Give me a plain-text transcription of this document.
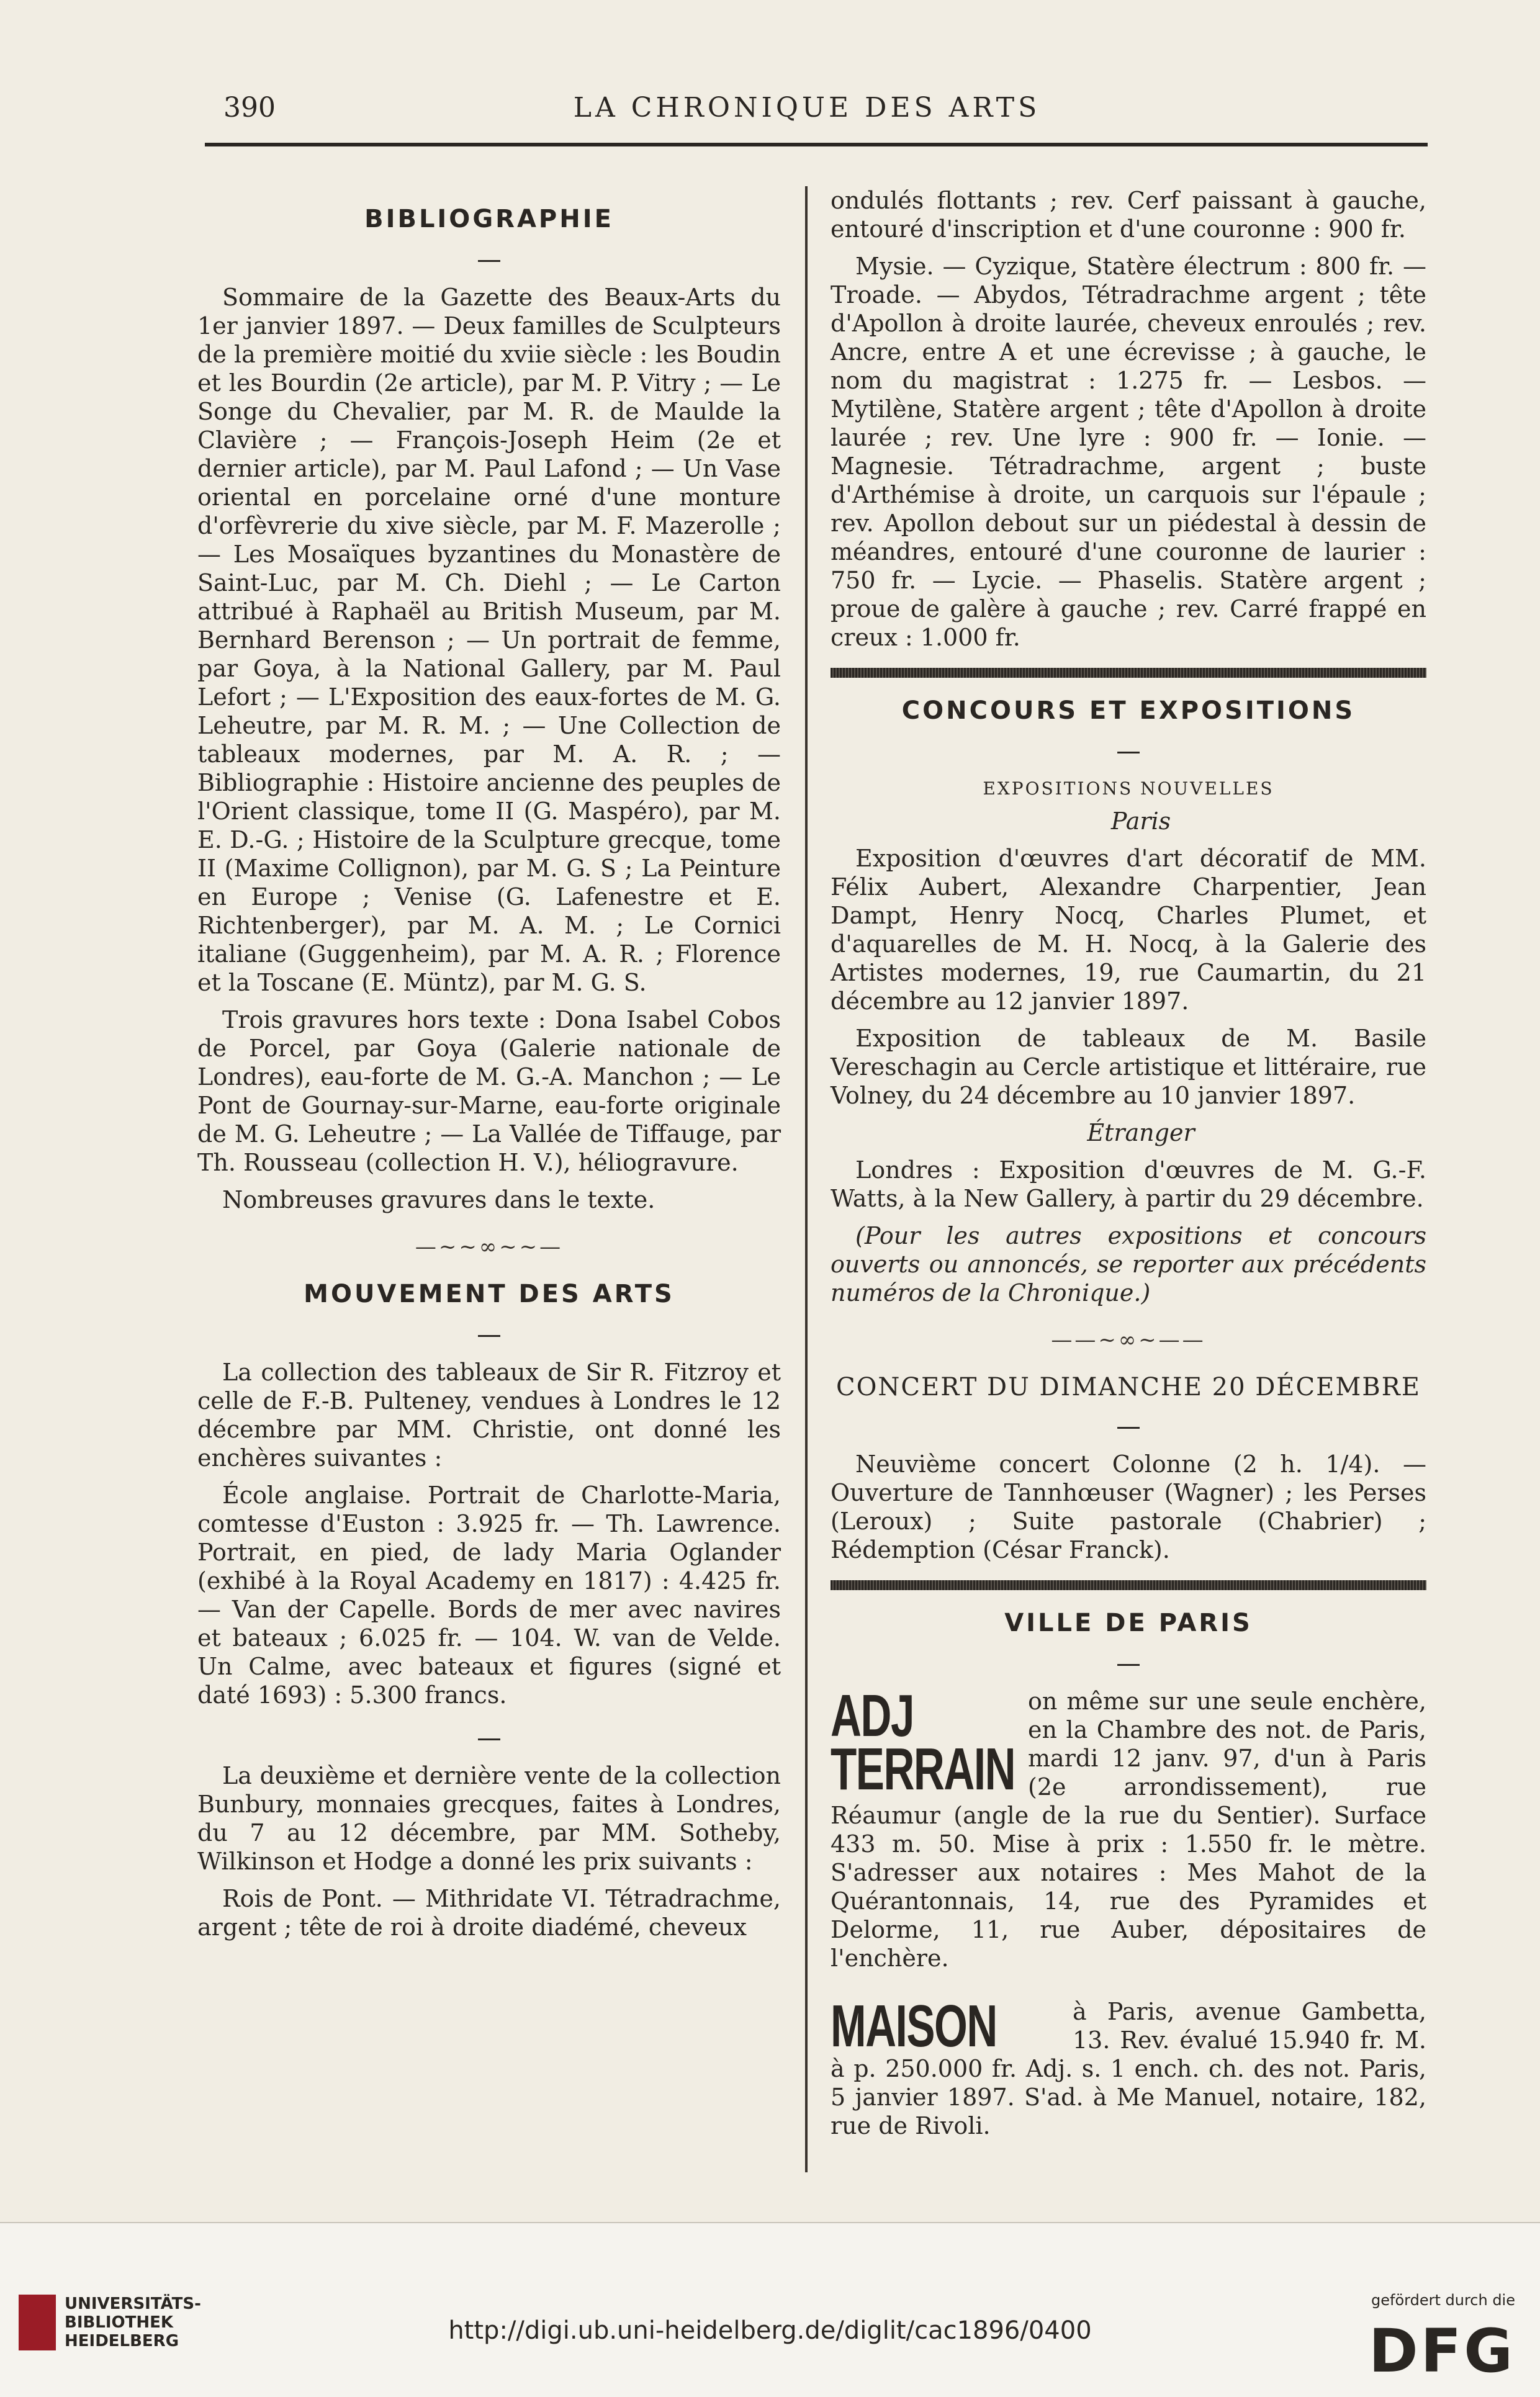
390	LA CHRONIQUE DES ARTS
BIBLIOGRAPHIE

Sommaire de la Gazette des Beaux-Arts du 1er janvier 1897. — Deux familles de Sculpteurs de la première moitié du xviie siècle : les Boudin et les Bourdin (2e article), par M. P. Vitry ; — Le Songe du Chevalier, par M. R. de Maulde la Clavière ; — François-Joseph Heim (2e et dernier article), par M. Paul Lafond ; — Un Vase oriental en porcelaine orné d'une monture d'orfèvrerie du xive siècle, par M. F. Mazerolle ; — Les Mosaïques byzantines du Monastère de Saint-Luc, par M. Ch. Diehl ; — Le Carton attribué à Raphaël au British Museum, par M. Bernhard Berenson ; — Un portrait de femme, par Goya, à la National Gallery, par M. Paul Lefort ; — L'Exposition des eaux-fortes de M. G. Leheutre, par M. R. M. ; — Une Collection de tableaux modernes, par M. A. R. ; — Bibliographie : Histoire ancienne des peuples de l'Orient classique, tome II (G. Maspéro), par M. E. D.-G. ; Histoire de la Sculpture grecque, tome II (Maxime Collignon), par M. G. S ; La Peinture en Europe ; Venise (G. Lafenestre et E. Richtenberger), par M. A. M. ; Le Cornici italiane (Guggenheim), par M. A. R. ; Florence et la Toscane (E. Müntz), par M. G. S.

Trois gravures hors texte : Dona Isabel Cobos de Porcel, par Goya (Galerie nationale de Londres), eau-forte de M. G.-A. Manchon ; — Le Pont de Gournay-sur-Marne, eau-forte originale de M. G. Leheutre ; — La Vallée de Tiffauge, par Th. Rousseau (collection H. V.), héliogravure.

Nombreuses gravures dans le texte.

—~~∞~~—
MOUVEMENT DES ARTS

La collection des tableaux de Sir R. Fitzroy et celle de F.-B. Pulteney, vendues à Londres le 12 décembre par MM. Christie, ont donné les enchères suivantes :

École anglaise. Portrait de Charlotte-Maria, comtesse d'Euston : 3.925 fr. — Th. Lawrence. Portrait, en pied, de lady Maria Oglander (exhibé à la Royal Academy en 1817) : 4.425 fr. — Van der Capelle. Bords de mer avec navires et bateaux ; 6.025 fr. — 104. W. van de Velde. Un Calme, avec bateaux et figures (signé et daté 1693) : 5.300 francs.

La deuxième et dernière vente de la collection Bunbury, monnaies grecques, faites à Londres, du 7 au 12 décembre, par MM. Sotheby, Wilkinson et Hodge a donné les prix suivants :

Rois de Pont. — Mithridate VI. Tétradrachme, argent ; tête de roi à droite diadémé, cheveux

ondulés flottants ; rev. Cerf paissant à gauche, entouré d'inscription et d'une couronne : 900 fr.

Mysie. — Cyzique, Statère électrum : 800 fr. — Troade. — Abydos, Tétradrachme argent ; tête d'Apollon à droite laurée, cheveux enroulés ; rev. Ancre, entre A et une écrevisse ; à gauche, le nom du magistrat : 1.275 fr. — Lesbos. — Mytilène, Statère argent ; tête d'Apollon à droite laurée ; rev. Une lyre : 900 fr. — Ionie. — Magnesie. Tétradrachme, argent ; buste d'Arthémise à droite, un carquois sur l'épaule ; rev. Apollon debout sur un piédestal à dessin de méandres, entouré d'une couronne de laurier : 750 fr. — Lycie. — Phaselis. Statère argent ; proue de galère à gauche ; rev. Carré frappé en creux : 1.000 fr.

CONCOURS ET EXPOSITIONS
EXPOSITIONS NOUVELLES

Paris

Exposition d'œuvres d'art décoratif de MM. Félix Aubert, Alexandre Charpentier, Jean Dampt, Henry Nocq, Charles Plumet, et d'aquarelles de M. H. Nocq, à la Galerie des Artistes modernes, 19, rue Caumartin, du 21 décembre au 12 janvier 1897.

Exposition de tableaux de M. Basile Vereschagin au Cercle artistique et littéraire, rue Volney, du 24 décembre au 10 janvier 1897.

Étranger

Londres : Exposition d'œuvres de M. G.-F. Watts, à la New Gallery, à partir du 29 décembre.

(Pour les autres expositions et concours ouverts ou annoncés, se reporter aux précédents numéros de la Chronique.)

——~∞~——
CONCERT DU DIMANCHE 20 DÉCEMBRE

Neuvième concert Colonne (2 h. 1/4). — Ouverture de Tannhœuser (Wagner) ; les Perses (Leroux) ; Suite pastorale (Chabrier) ; Rédemption (César Franck).

VILLE DE PARIS
ADJ TERRAIN
on même sur une seule enchère, en la Chambre des not. de Paris, mardi 12 janv. 97, d'un à Paris (2e arrondissement), rue Réaumur (angle de la rue du Sentier). Surface 433 m. 50. Mise à prix : 1.550 fr. le mètre. S'adresser aux notaires : Mes Mahot de la Quérantonnais, 14, rue des Pyramides et Delorme, 11, rue Auber, dépositaires de l'enchère.
MAISON	à Paris, avenue Gambetta, 13. Rev. évalué 15.940 fr. M. à p. 250.000 fr. Adj. s. 1 ench. ch. des not. Paris, 5 janvier 1897. S'ad. à Me Manuel, notaire, 182, rue de Rivoli.
UNIVERSITÄTS-
BIBLIOTHEK
HEIDELBERG	http://digi.ub.uni-heidelberg.de/diglit/cac1896/0400
gefördert durch die
DFG
